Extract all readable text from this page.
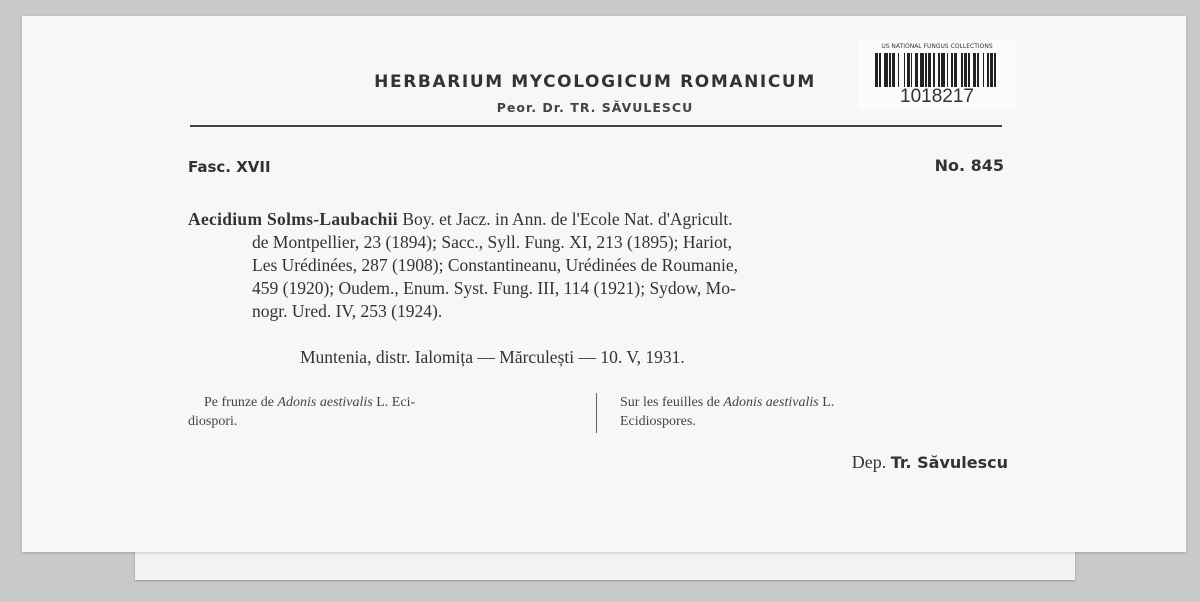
HERBARIUM MYCOLOGICUM ROMANICUM
Peor. Dr. TR. SĂVULESCU
US NATIONAL FUNGUS COLLECTIONS
1018217
Fasc. XVII	No. 845
Aecidium Solms-Laubachii Boy. et Jacz. in Ann. de l'Ecole Nat. d'Agricult.
de Montpellier, 23 (1894); Sacc., Syll. Fung. XI, 213 (1895); Hariot,
Les Urédinées, 287 (1908); Constantineanu, Urédinées de Roumanie,
459 (1920); Oudem., Enum. Syst. Fung. III, 114 (1921); Sydow, Mo-
nogr. Ured. IV, 253 (1924).
Muntenia, distr. Ialomița — Mărculești — 10. V, 1931.
Pe frunze de Adonis aestivalis L. Eci-
diospori.
Sur les feuilles de Adonis aestivalis L.
Ecidiospores.
Dep. Tr. Săvulescu
